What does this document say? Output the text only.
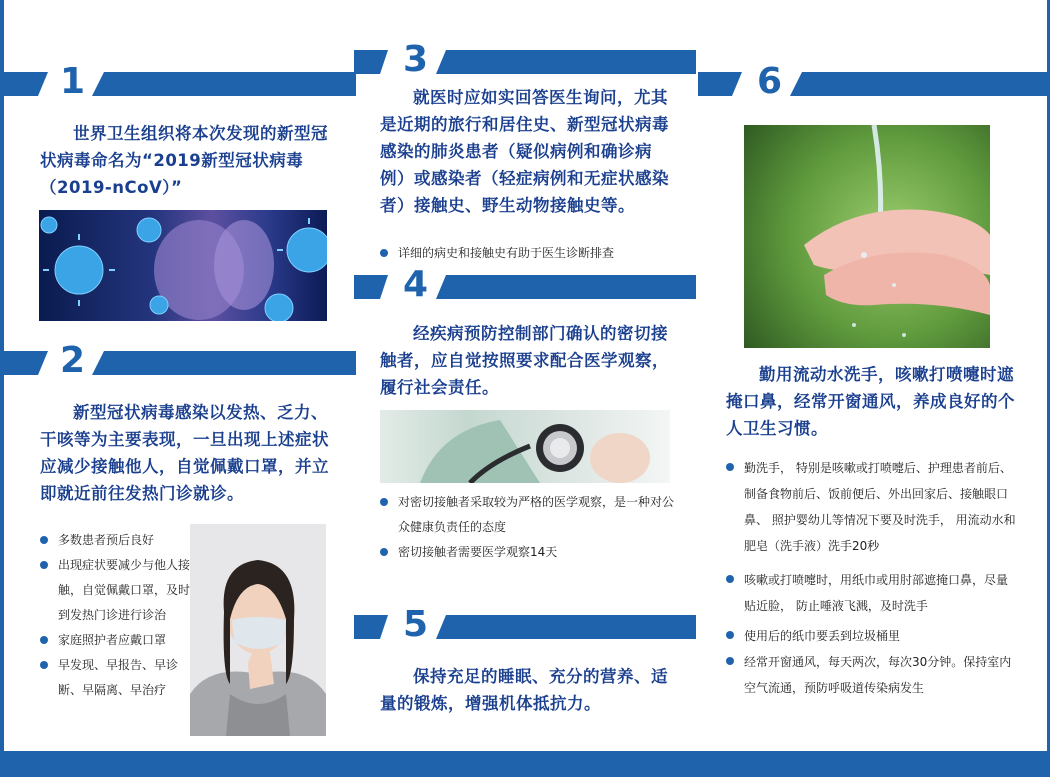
1
世界卫生组织将本次发现的新型冠状病毒命名为“2019新型冠状病毒（2019-nCoV）”
2
新型冠状病毒感染以发热、乏力、干咳等为主要表现，一旦出现上述症状应减少接触他人，自觉佩戴口罩，并立即就近前往发热门诊就诊。
多数患者预后良好
出现症状要减少与他人接触，自觉佩戴口罩，及时到发热门诊进行诊治
家庭照护者应戴口罩
早发现、早报告、早诊断、早隔离、早治疗
3
就医时应如实回答医生询问，尤其是近期的旅行和居住史、新型冠状病毒感染的肺炎患者（疑似病例和确诊病例）或感染者（轻症病例和无症状感染者）接触史、野生动物接触史等。
详细的病史和接触史有助于医生诊断排查
4
经疾病预防控制部门确认的密切接触者，应自觉按照要求配合医学观察，履行社会责任。
对密切接触者采取较为严格的医学观察，是一种对公众健康负责任的态度
密切接触者需要医学观察14天
5
保持充足的睡眠、充分的营养、适量的锻炼，增强机体抵抗力。
6
勤用流动水洗手，咳嗽打喷嚏时遮掩口鼻，经常开窗通风，养成良好的个人卫生习惯。
勤洗手， 特别是咳嗽或打喷嚏后、护理患者前后、制备食物前后、饭前便后、外出回家后、接触眼口鼻、 照护婴幼儿等情况下要及时洗手， 用流动水和肥皂（洗手液）洗手20秒
咳嗽或打喷嚏时，用纸巾或用肘部遮掩口鼻，尽量贴近脸， 防止唾液飞溅，及时洗手
使用后的纸巾要丢到垃圾桶里
经常开窗通风，每天两次，每次30分钟。保持室内空气流通，预防呼吸道传染病发生
